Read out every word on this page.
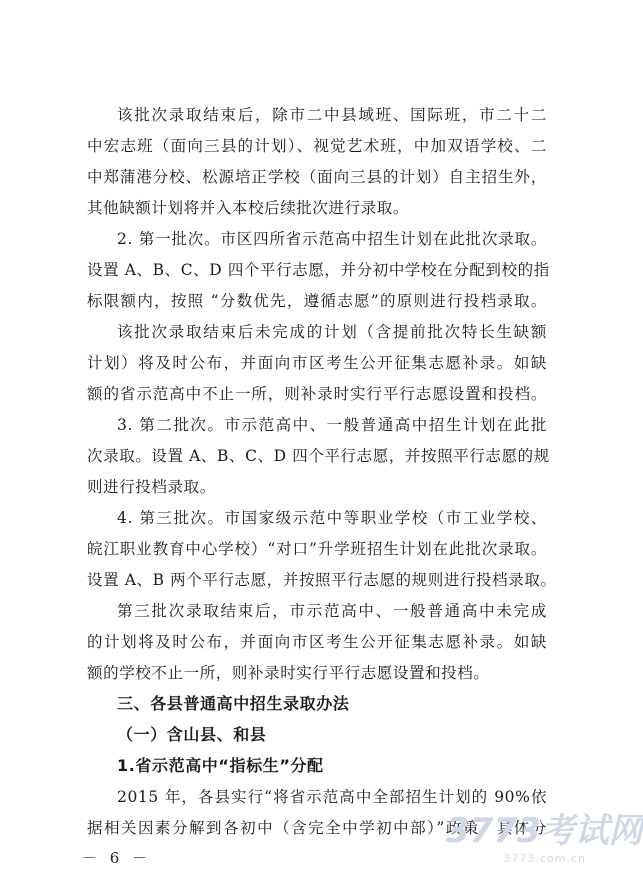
该批次录取结束后，除市二中县域班、国际班，市二十二
中宏志班（面向三县的计划）、视觉艺术班，中加双语学校、二
中郑蒲港分校、松源培正学校（面向三县的计划）自主招生外，
其他缺额计划将并入本校后续批次进行录取。
2. 第一批次。市区四所省示范高中招生计划在此批次录取。
设置 A、B、C、D 四个平行志愿，并分初中学校在分配到校的指
标限额内，按照 “分数优先，遵循志愿”的原则进行投档录取。
该批次录取结束后未完成的计划（含提前批次特长生缺额
计划）将及时公布，并面向市区考生公开征集志愿补录。如缺
额的省示范高中不止一所，则补录时实行平行志愿设置和投档。
3. 第二批次。市示范高中、一般普通高中招生计划在此批
次录取。设置 A、B、C、D 四个平行志愿，并按照平行志愿的规
则进行投档录取。
4. 第三批次。市国家级示范中等职业学校（市工业学校、
皖江职业教育中心学校）“对口”升学班招生计划在此批次录取。
设置 A、B 两个平行志愿，并按照平行志愿的规则进行投档录取。
第三批次录取结束后，市示范高中、一般普通高中未完成
的计划将及时公布，并面向市区考生公开征集志愿补录。如缺
额的学校不止一所，则补录时实行平行志愿设置和投档。
三、各县普通高中招生录取办法
（一）含山县、和县
1.省示范高中“指标生”分配
2015 年，各县实行“将省示范高中全部招生计划的 90%依
据相关因素分解到各初中（含完全中学初中部）”政策，具体分
－ 6 －
3773考试网
3773.com.cn
